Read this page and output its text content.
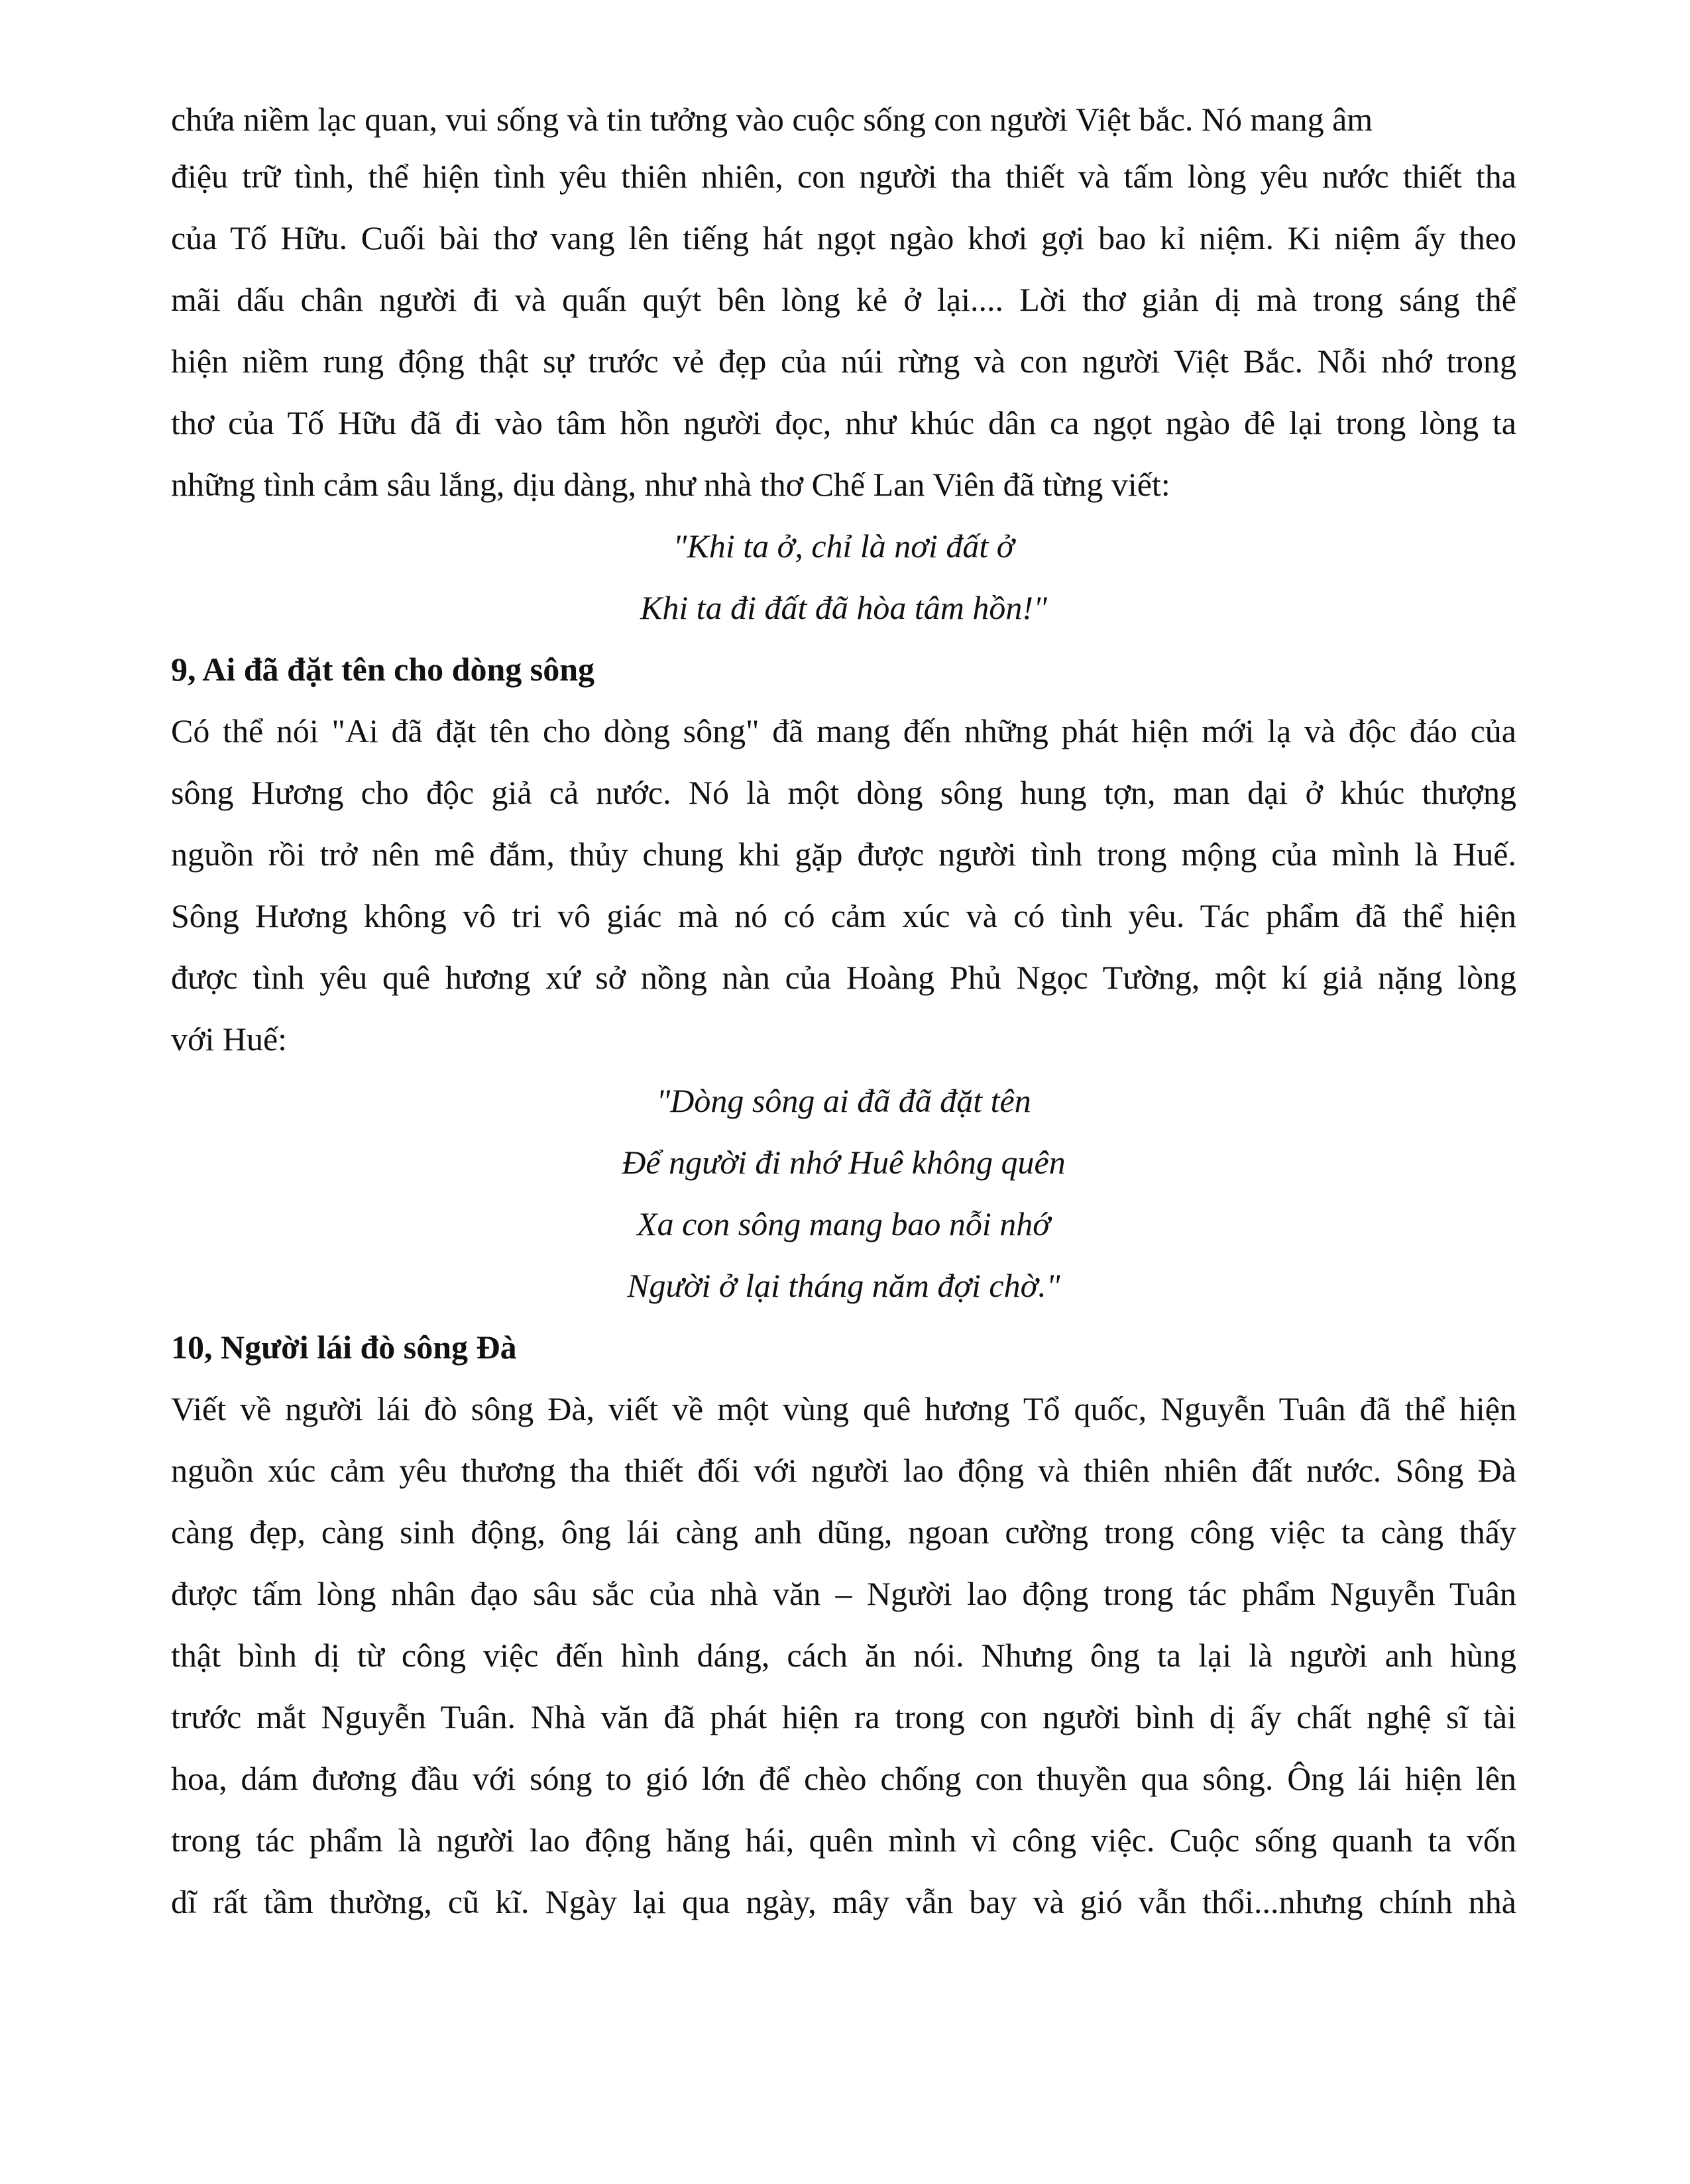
chứa niềm lạc quan, vui sống và tin tưởng vào cuộc sống con người Việt bắc. Nó mang âm

điệu trữ tình, thể hiện tình yêu thiên nhiên, con người tha thiết và tấm lòng yêu nước thiết tha

của Tố Hữu. Cuối bài thơ vang lên tiếng hát ngọt ngào khơi gợi bao kỉ niệm. Ki niệm ấy theo

mãi dấu chân người đi và quấn quýt bên lòng kẻ ở lại.... Lời thơ giản dị mà trong sáng thể

hiện niềm rung động thật sự trước vẻ đẹp của núi rừng và con người Việt Bắc. Nỗi nhớ trong

thơ của Tố Hữu đã đi vào tâm hồn người đọc, như khúc dân ca ngọt ngào đê lại trong lòng ta

những tình cảm sâu lắng, dịu dàng, như nhà thơ Chế Lan Viên đã từng viết:

"Khi ta ở, chỉ là nơi đất ở

Khi ta đi đất đã hòa tâm hồn!"

9, Ai đã đặt tên cho dòng sông

Có thể nói "Ai đã đặt tên cho dòng sông" đã mang đến những phát hiện mới lạ và độc đáo của

sông Hương cho độc giả cả nước. Nó là một dòng sông hung tợn, man dại ở khúc thượng

nguồn rồi trở nên mê đắm, thủy chung khi gặp được người tình trong mộng của mình là Huế.

Sông Hương không vô tri vô giác mà nó có cảm xúc và có tình yêu. Tác phẩm đã thể hiện

được tình yêu quê hương xứ sở nồng nàn của Hoàng Phủ Ngọc Tường, một kí giả nặng lòng

với Huế:

"Dòng sông ai đã đã đặt tên

Để người đi nhớ Huê không quên

Xa con sông mang bao nỗi nhớ

Người ở lại tháng năm đợi chờ."

10, Người lái đò sông Đà

Viết về người lái đò sông Đà, viết về một vùng quê hương Tổ quốc, Nguyễn Tuân đã thể hiện

nguồn xúc cảm yêu thương tha thiết đối với người lao động và thiên nhiên đất nước. Sông Đà

càng đẹp, càng sinh động, ông lái càng anh dũng, ngoan cường trong công việc ta càng thấy

được tấm lòng nhân đạo sâu sắc của nhà văn – Người lao động trong tác phẩm Nguyễn Tuân

thật bình dị từ công việc đến hình dáng, cách ăn nói. Nhưng ông ta lại là người anh hùng

trước mắt Nguyễn Tuân. Nhà văn đã phát hiện ra trong con người bình dị ấy chất nghệ sĩ tài

hoa, dám đương đầu với sóng to gió lớn để chèo chống con thuyền qua sông. Ông lái hiện lên

trong tác phẩm là người lao động hăng hái, quên mình vì công việc. Cuộc sống quanh ta vốn

dĩ rất tầm thường, cũ kĩ. Ngày lại qua ngày, mây vẫn bay và gió vẫn thổi...nhưng chính nhà
